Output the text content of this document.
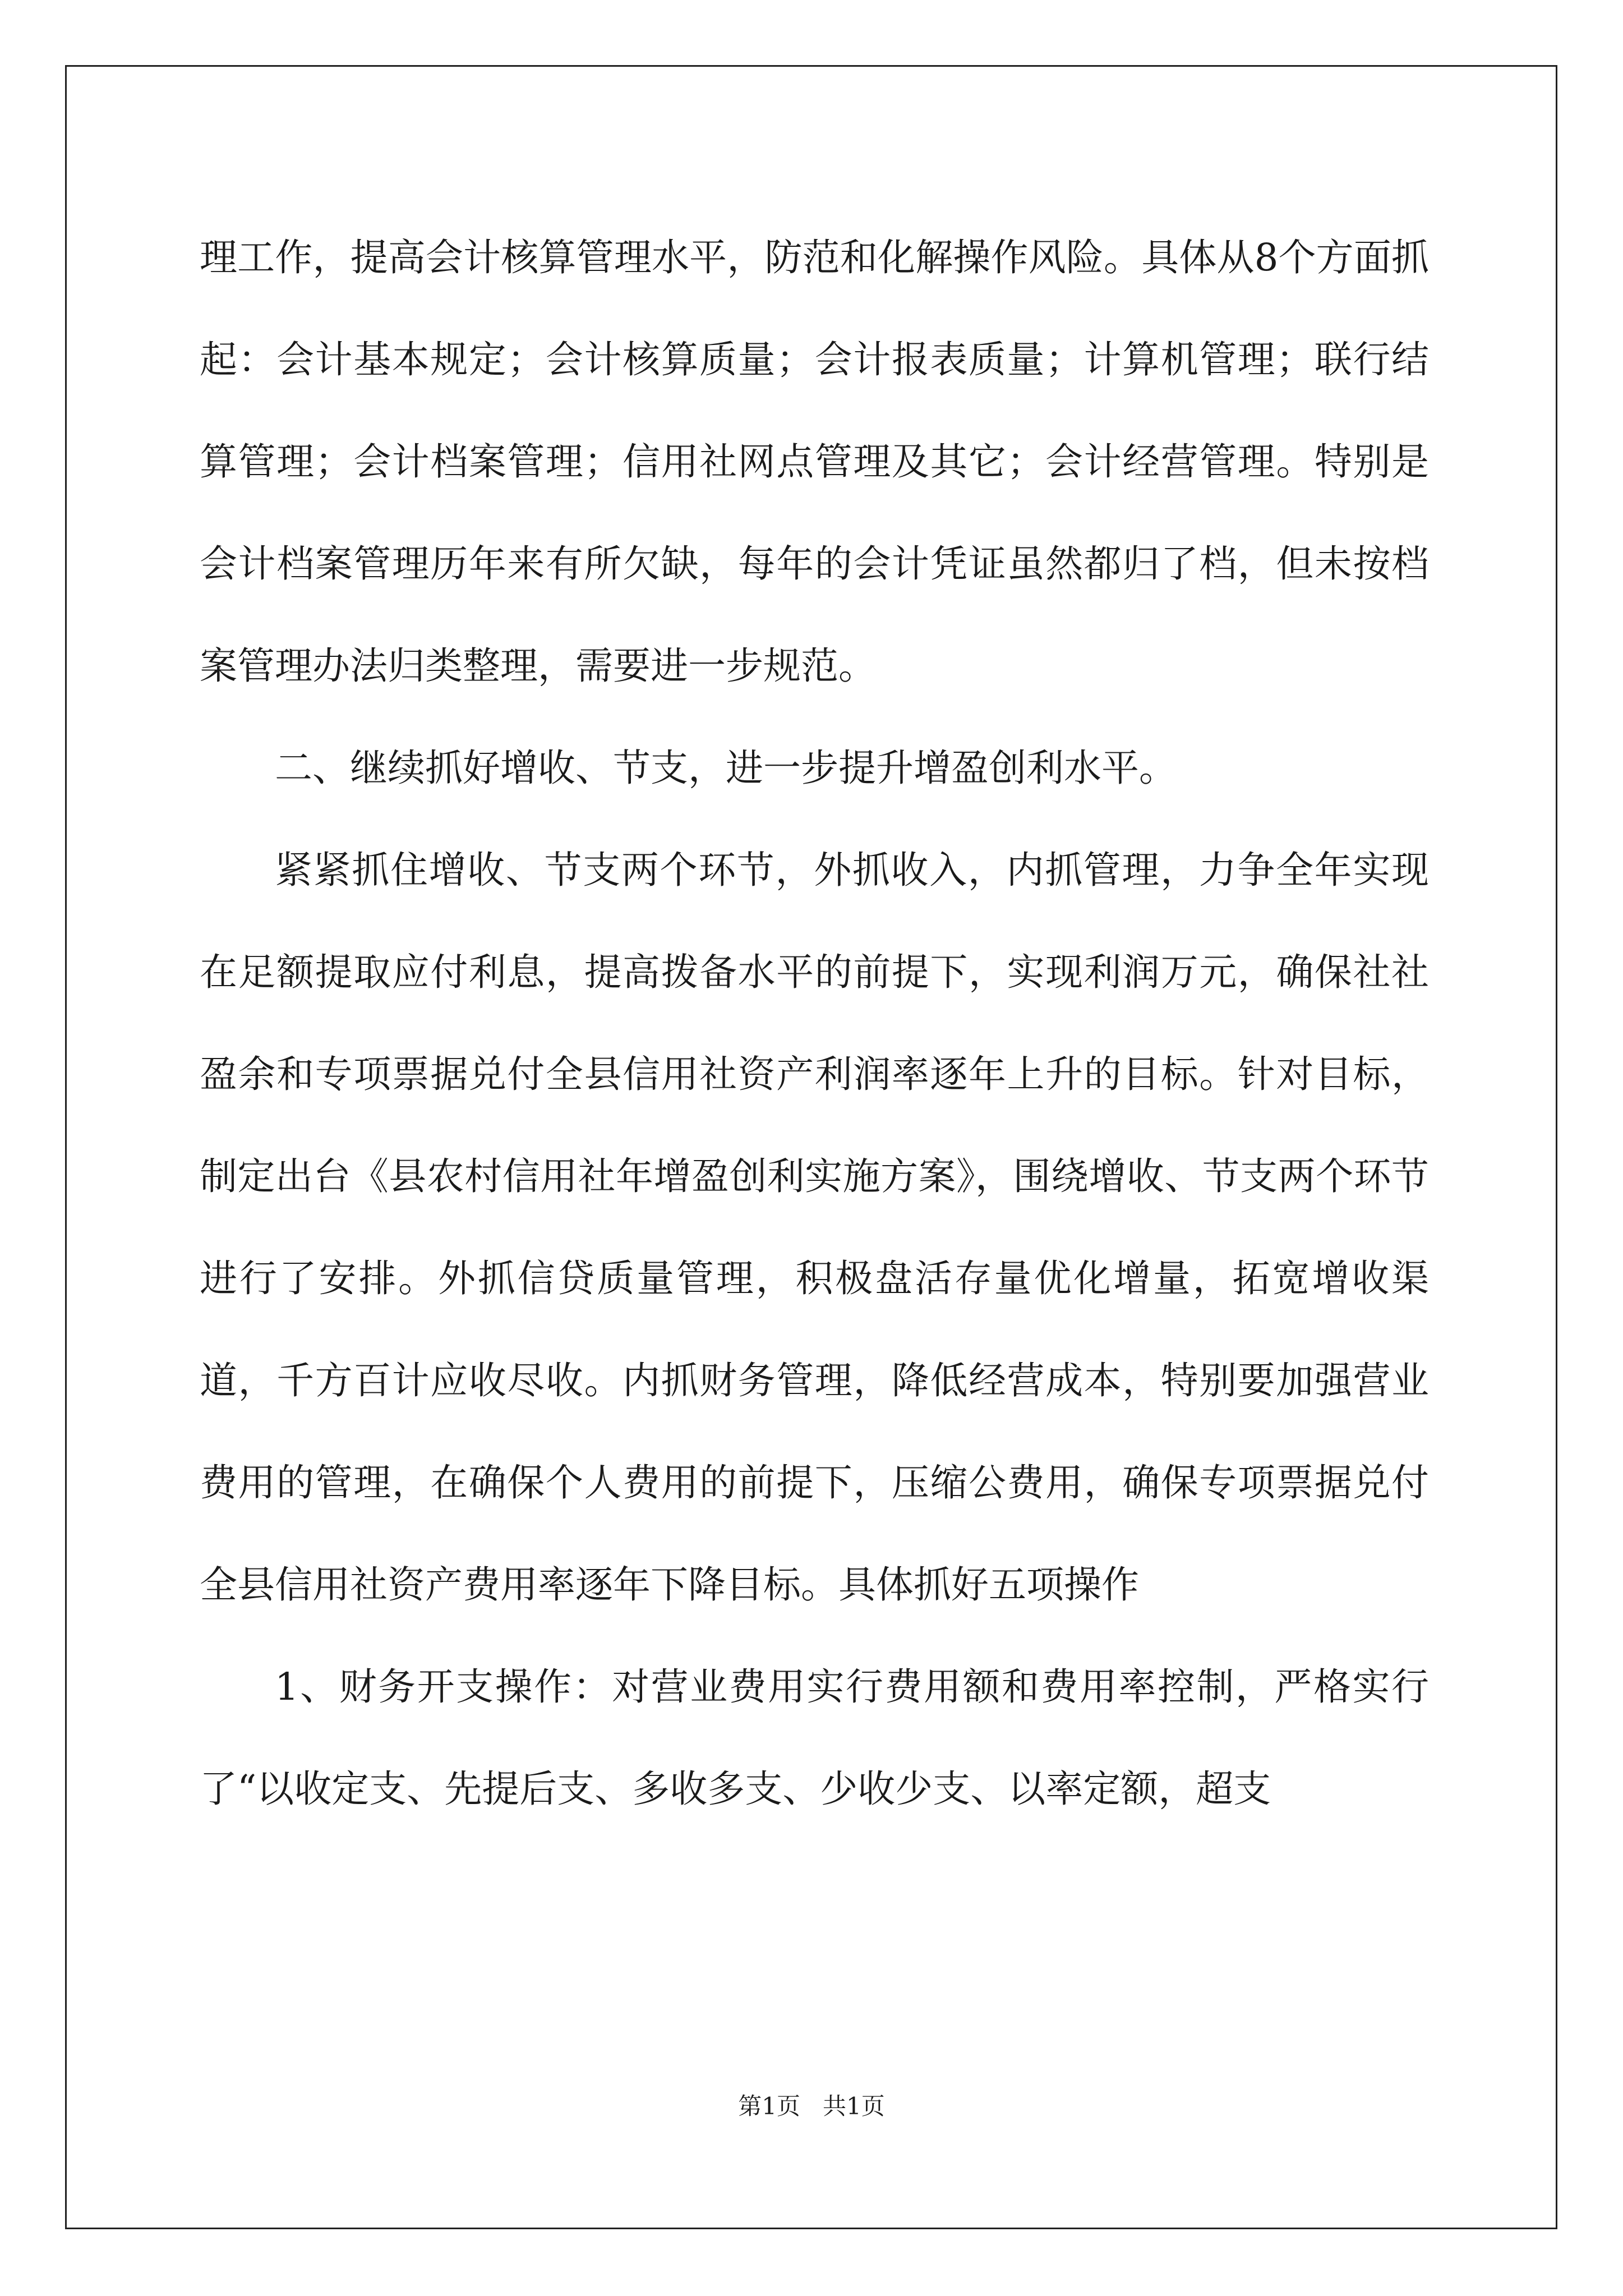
理工作，提高会计核算管理水平，防范和化解操作风险。具体从8个方面抓起：会计基本规定；会计核算质量；会计报表质量；计算机管理；联行结算管理；会计档案管理；信用社网点管理及其它；会计经营管理。特别是会计档案管理历年来有所欠缺，每年的会计凭证虽然都归了档，但未按档案管理办法归类整理，需要进一步规范。

二、继续抓好增收、节支，进一步提升增盈创利水平。

紧紧抓住增收、节支两个环节，外抓收入，内抓管理，力争全年实现在足额提取应付利息，提高拨备水平的前提下，实现利润万元，确保社社盈余和专项票据兑付全县信用社资产利润率逐年上升的目标。针对目标，制定出台《县农村信用社年增盈创利实施方案》，围绕增收、节支两个环节进行了安排。外抓信贷质量管理，积极盘活存量优化增量，拓宽增收渠道，千方百计应收尽收。内抓财务管理，降低经营成本，特别要加强营业费用的管理，在确保个人费用的前提下，压缩公费用，确保专项票据兑付全县信用社资产费用率逐年下降目标。具体抓好五项操作

1、财务开支操作：对营业费用实行费用额和费用率控制，严格实行了“以收定支、先提后支、多收多支、少收少支、以率定额，超支

第1页 共1页
